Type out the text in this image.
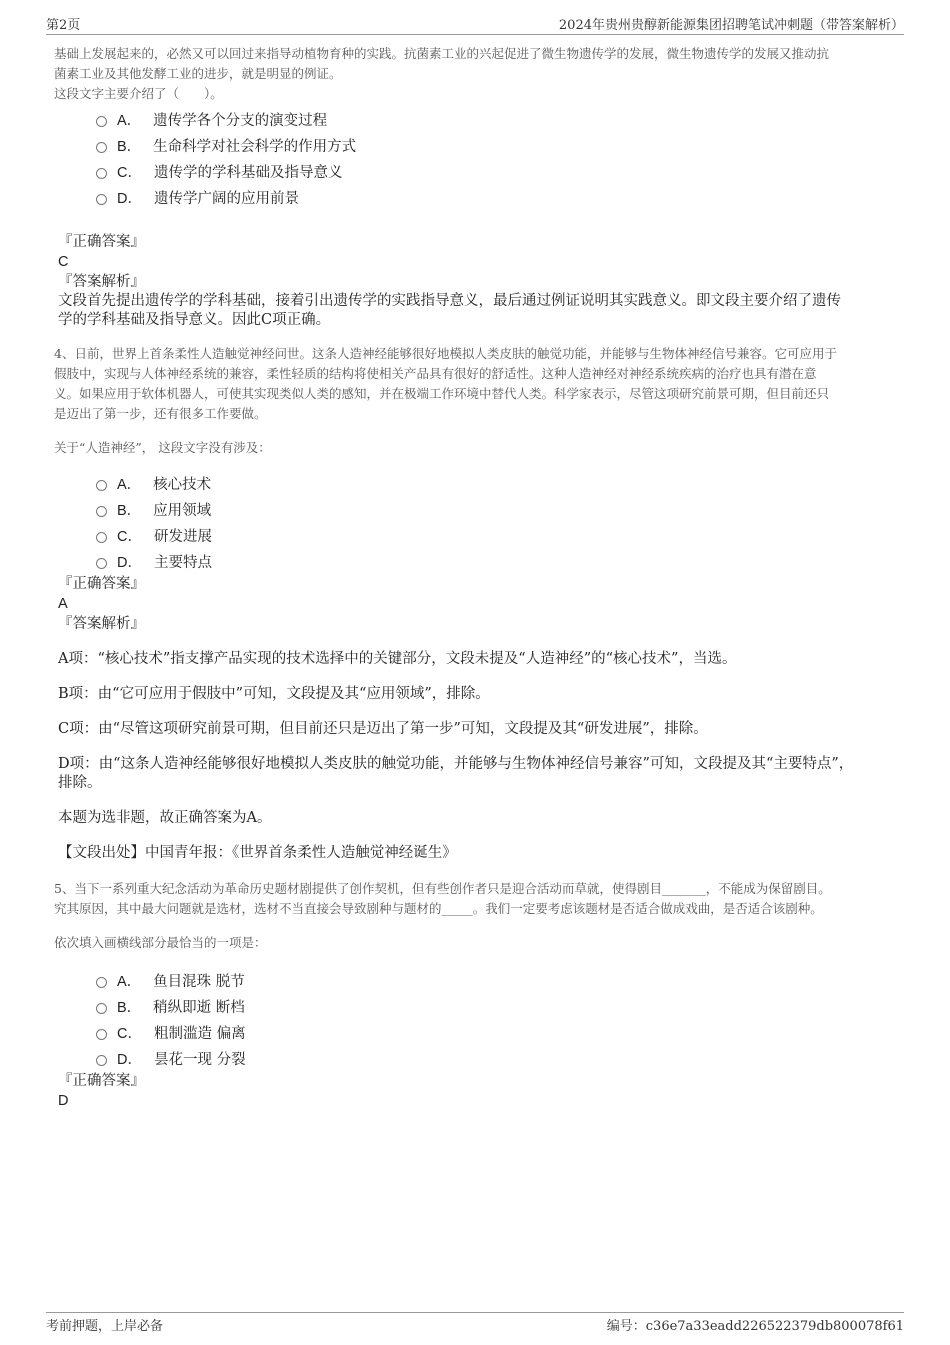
第2页	2024年贵州贵醇新能源集团招聘笔试冲刺题（带答案解析）

基础上发展起来的，必然又可以回过来指导动植物育种的实践。抗菌素工业的兴起促进了微生物遗传学的发展，微生物遗传学的发展又推动抗

菌素工业及其他发酵工业的进步，就是明显的例证。

这段文字主要介绍了（　　）。

A． 遗传学各个分支的演变过程
B． 生命科学对社会科学的作用方式
C． 遗传学的学科基础及指导意义
D． 遗传学广阔的应用前景
『正确答案』
C
『答案解析』

文段首先提出遗传学的学科基础，接着引出遗传学的实践指导意义，最后通过例证说明其实践意义。即文段主要介绍了遗传

学的学科基础及指导意义。因此C项正确。

4、日前，世界上首条柔性人造触觉神经问世。这条人造神经能够很好地模拟人类皮肤的触觉功能，并能够与生物体神经信号兼容。它可应用于

假肢中，实现与人体神经系统的兼容，柔性轻质的结构将使相关产品具有很好的舒适性。这种人造神经对神经系统疾病的治疗也具有潜在意

义。如果应用于软体机器人，可使其实现类似人类的感知，并在极端工作环境中替代人类。科学家表示，尽管这项研究前景可期，但目前还只

是迈出了第一步，还有很多工作要做。

关于“人造神经”， 这段文字没有涉及：

A． 核心技术
B． 应用领域
C． 研发进展
D． 主要特点
『正确答案』
A
『答案解析』

A项：“核心技术”指支撑产品实现的技术选择中的关键部分，文段未提及“人造神经”的“核心技术”，当选。

B项：由“它可应用于假肢中”可知，文段提及其“应用领域”，排除。

C项：由“尽管这项研究前景可期，但目前还只是迈出了第一步”可知，文段提及其“研发进展”，排除。

D项：由“这条人造神经能够很好地模拟人类皮肤的触觉功能，并能够与生物体神经信号兼容”可知，文段提及其“主要特点”，

排除。

本题为选非题，故正确答案为A。

【文段出处】中国青年报：《世界首条柔性人造触觉神经诞生》

5、当下一系列重大纪念活动为革命历史题材剧提供了创作契机，但有些创作者只是迎合活动而草就，使得剧目_______，不能成为保留剧目。

究其原因，其中最大问题就是选材，选材不当直接会导致剧种与题材的_____。我们一定要考虑该题材是否适合做成戏曲，是否适合该剧种。

依次填入画横线部分最恰当的一项是：

A． 鱼目混珠 脱节
B． 稍纵即逝 断档
C． 粗制滥造 偏离
D． 昙花一现 分裂
『正确答案』
D
考前押题，上岸必备	编号：c36e7a33eadd226522379db800078f61
